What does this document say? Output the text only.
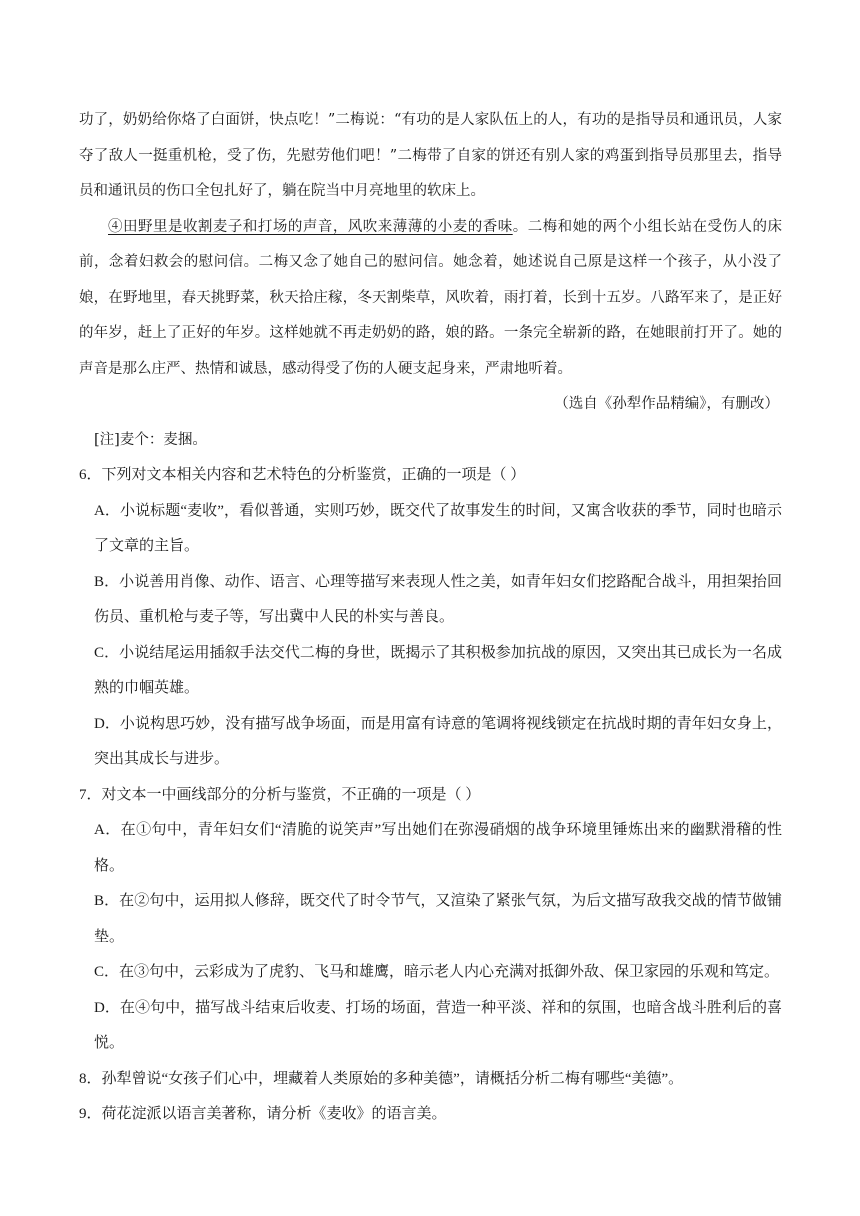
功了，奶奶给你烙了白面饼，快点吃！”二梅说：“有功的是人家队伍上的人，有功的是指导员和通讯员，人家夺了敌人一挺重机枪，受了伤，先慰劳他们吧！”二梅带了自家的饼还有别人家的鸡蛋到指导员那里去，指导员和通讯员的伤口全包扎好了，躺在院当中月亮地里的软床上。

④田野里是收割麦子和打场的声音，风吹来薄薄的小麦的香味。二梅和她的两个小组长站在受伤人的床前，念着妇救会的慰问信。二梅又念了她自己的慰问信。她念着，她述说自己原是这样一个孩子，从小没了娘，在野地里，春天挑野菜，秋天拾庄稼，冬天割柴草，风吹着，雨打着，长到十五岁。八路军来了，是正好的年岁，赶上了正好的年岁。这样她就不再走奶奶的路，娘的路。一条完全崭新的路，在她眼前打开了。她的声音是那么庄严、热情和诚恳，感动得受了伤的人硬支起身来，严肃地听着。

（选自《孙犁作品精编》，有删改）

[注]麦个：麦捆。

6．下列对文本相关内容和艺术特色的分析鉴赏，正确的一项是（ ）

A．小说标题“麦收”，看似普通，实则巧妙，既交代了故事发生的时间，又寓含收获的季节，同时也暗示了文章的主旨。

B．小说善用肖像、动作、语言、心理等描写来表现人性之美，如青年妇女们挖路配合战斗，用担架抬回伤员、重机枪与麦子等，写出冀中人民的朴实与善良。

C．小说结尾运用插叙手法交代二梅的身世，既揭示了其积极参加抗战的原因，又突出其已成长为一名成熟的巾帼英雄。

D．小说构思巧妙，没有描写战争场面，而是用富有诗意的笔调将视线锁定在抗战时期的青年妇女身上，突出其成长与进步。

7．对文本一中画线部分的分析与鉴赏，不正确的一项是（ ）

A．在①句中，青年妇女们“清脆的说笑声”写出她们在弥漫硝烟的战争环境里锤炼出来的幽默滑稽的性格。

B．在②句中，运用拟人修辞，既交代了时令节气，又渲染了紧张气氛，为后文描写敌我交战的情节做铺垫。

C．在③句中，云彩成为了虎豹、飞马和雄鹰，暗示老人内心充满对抵御外敌、保卫家园的乐观和笃定。

D．在④句中，描写战斗结束后收麦、打场的场面，营造一种平淡、祥和的氛围，也暗含战斗胜利后的喜悦。

8．孙犁曾说“女孩子们心中，埋藏着人类原始的多种美德”，请概括分析二梅有哪些“美德”。

9．荷花淀派以语言美著称，请分析《麦收》的语言美。
